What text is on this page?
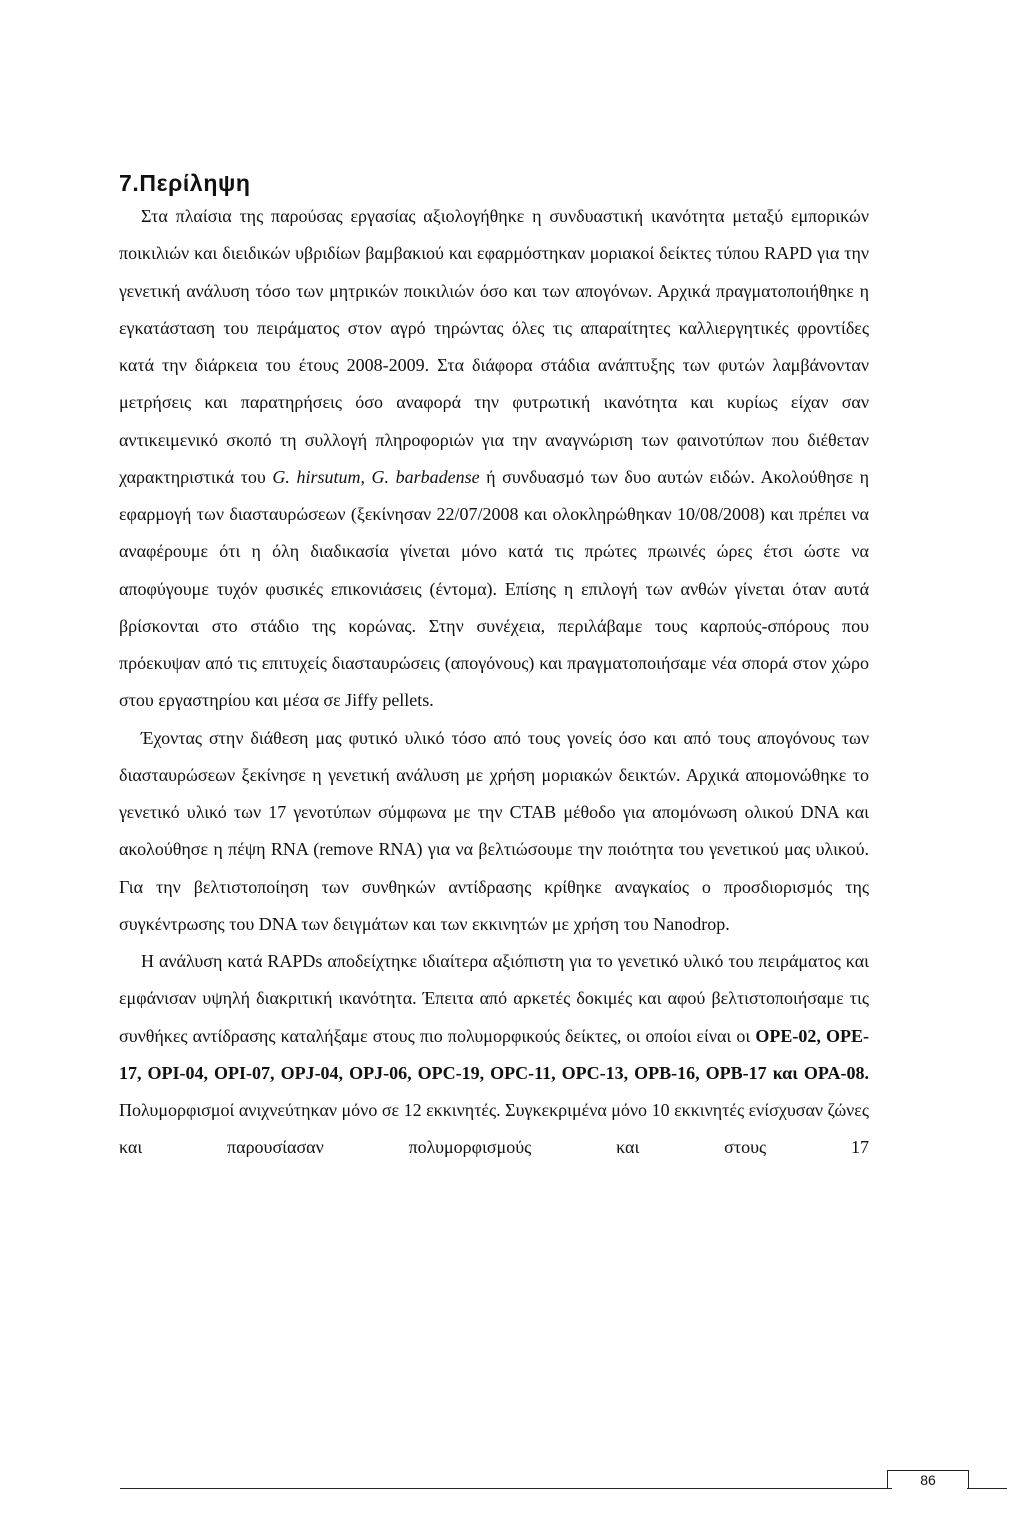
7.Περίληψη

Στα πλαίσια της παρούσας εργασίας αξιολογήθηκε η συνδυαστική ικανότητα μεταξύ εμπορικών ποικιλιών και διειδικών υβριδίων βαμβακιού και εφαρμόστηκαν μοριακοί δείκτες τύπου RAPD για την γενετική ανάλυση τόσο των μητρικών ποικιλιών όσο και των απογόνων. Αρχικά πραγματοποιήθηκε η εγκατάσταση του πειράματος στον αγρό τηρώντας όλες τις απαραίτητες καλλιεργητικές φροντίδες κατά την διάρκεια του έτους 2008-2009. Στα διάφορα στάδια ανάπτυξης των φυτών λαμβάνονταν μετρήσεις και παρατηρήσεις όσο αναφορά την φυτρωτική ικανότητα και κυρίως είχαν σαν αντικειμενικό σκοπό τη συλλογή πληροφοριών για την αναγνώριση των φαινοτύπων που διέθεταν χαρακτηριστικά του G. hirsutum, G. barbadense ή συνδυασμό των δυο αυτών ειδών. Ακολούθησε η εφαρμογή των διασταυρώσεων (ξεκίνησαν 22/07/2008 και ολοκληρώθηκαν 10/08/2008) και πρέπει να αναφέρουμε ότι η όλη διαδικασία γίνεται μόνο κατά τις πρώτες πρωινές ώρες έτσι ώστε να αποφύγουμε τυχόν φυσικές επικονιάσεις (έντομα). Επίσης η επιλογή των ανθών γίνεται όταν αυτά βρίσκονται στο στάδιο της κορώνας. Στην συνέχεια, περιλάβαμε τους καρπούς-σπόρους που πρόεκυψαν από τις επιτυχείς διασταυρώσεις (απογόνους) και πραγματοποιήσαμε νέα σπορά στον χώρο στου εργαστηρίου και μέσα σε Jiffy pellets.

Έχοντας στην διάθεση μας φυτικό υλικό τόσο από τους γονείς όσο και από τους απογόνους των διασταυρώσεων ξεκίνησε η γενετική ανάλυση με χρήση μοριακών δεικτών. Αρχικά απομονώθηκε το γενετικό υλικό των 17 γενοτύπων σύμφωνα με την CTAB μέθοδο για απομόνωση ολικού DNA και ακολούθησε η πέψη RNA (remove RNA) για να βελτιώσουμε την ποιότητα του γενετικού μας υλικού. Για την βελτιστοποίηση των συνθηκών αντίδρασης κρίθηκε αναγκαίος ο προσδιορισμός της συγκέντρωσης του DNA των δειγμάτων και των εκκινητών με χρήση του Nanodrop.

Η ανάλυση κατά RAPDs αποδείχτηκε ιδιαίτερα αξιόπιστη για το γενετικό υλικό του πειράματος και εμφάνισαν υψηλή διακριτική ικανότητα. Έπειτα από αρκετές δοκιμές και αφού βελτιστοποιήσαμε τις συνθήκες αντίδρασης καταλήξαμε στους πιο πολυμορφικούς δείκτες, οι οποίοι είναι οι OPE-02, OPE-17, OPI-04, OPI-07, OPJ-04, OPJ-06, OPC-19, OPC-11, OPC-13, OPB-16, OPB-17 και OPA-08. Πολυμορφισμοί ανιχνεύτηκαν μόνο σε 12 εκκινητές. Συγκεκριμένα μόνο 10 εκκινητές ενίσχυσαν ζώνες και παρουσίασαν πολυμορφισμούς και στους 17

86
